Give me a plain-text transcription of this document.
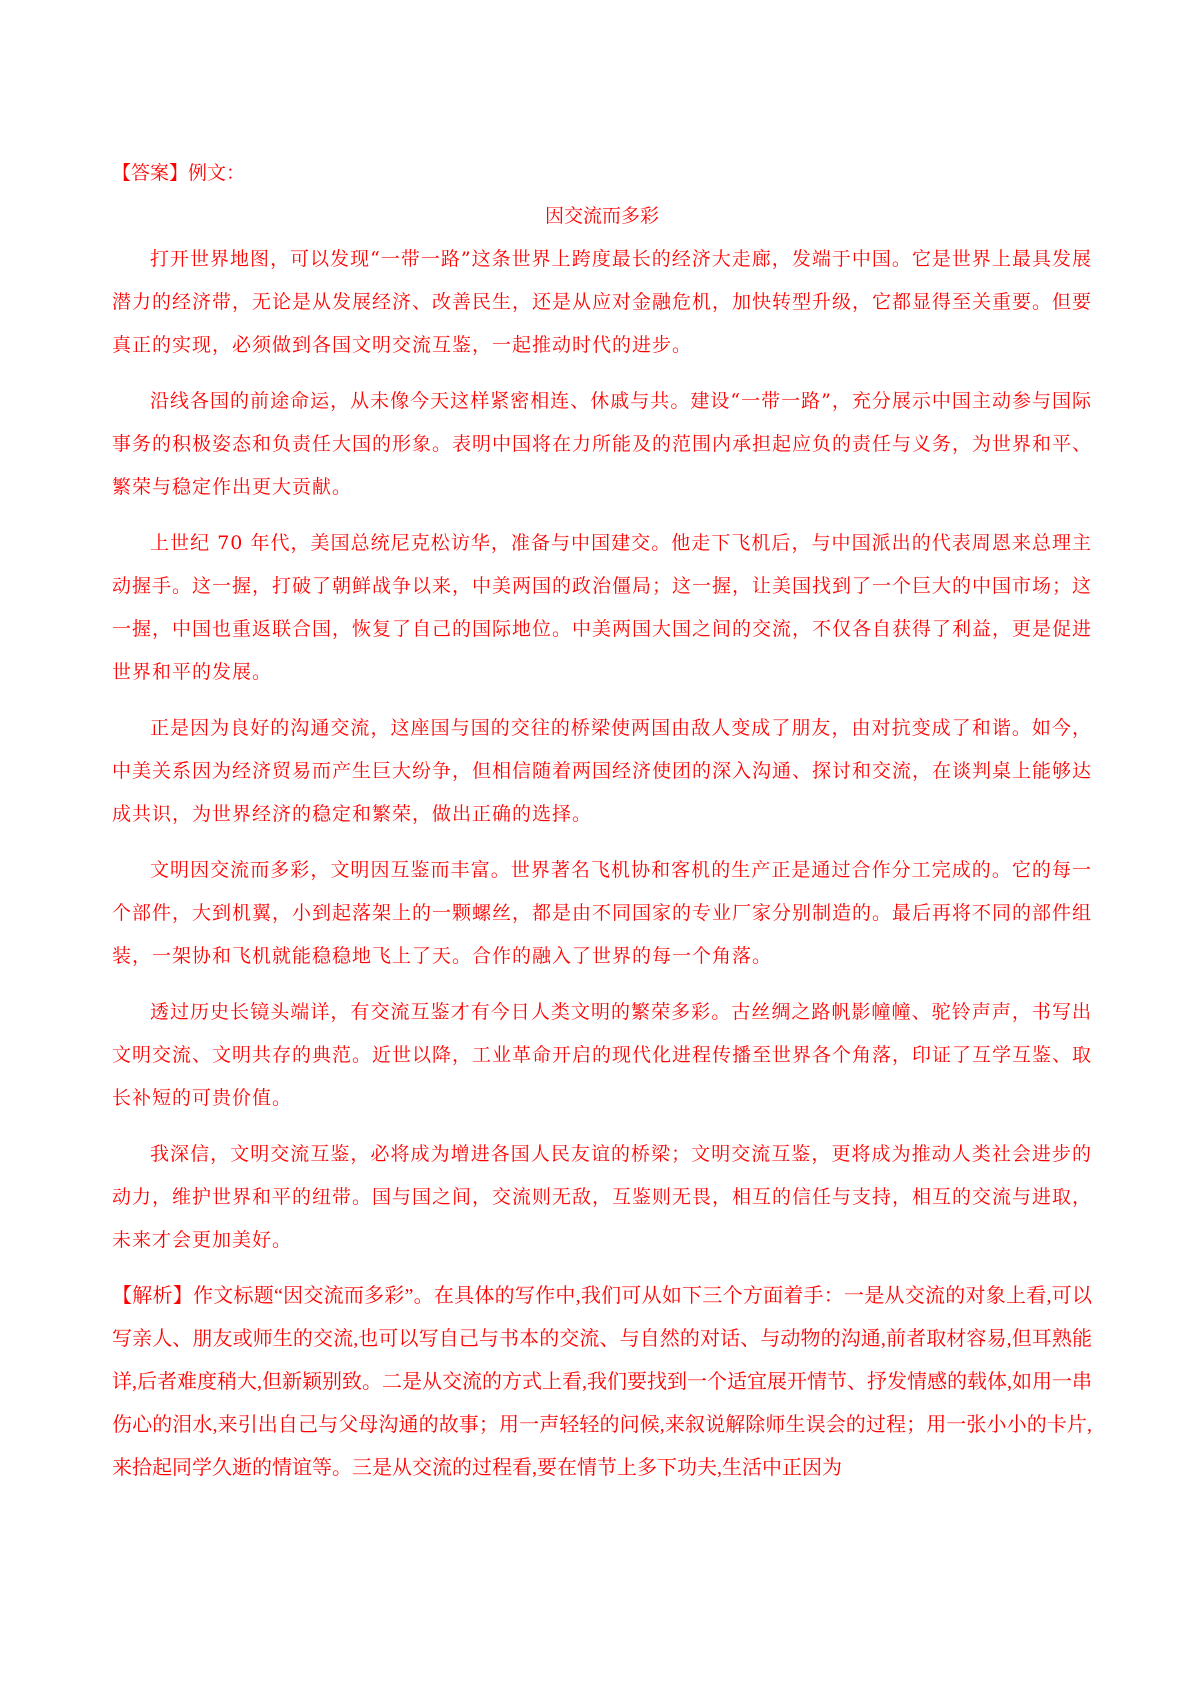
【答案】例文：

因交流而多彩

打开世界地图，可以发现“一带一路”这条世界上跨度最长的经济大走廊，发端于中国。它是世界上最具发展潜力的经济带，无论是从发展经济、改善民生，还是从应对金融危机，加快转型升级，它都显得至关重要。但要真正的实现，必须做到各国文明交流互鉴，一起推动时代的进步。

沿线各国的前途命运，从未像今天这样紧密相连、休戚与共。建设“一带一路”，充分展示中国主动参与国际事务的积极姿态和负责任大国的形象。表明中国将在力所能及的范围内承担起应负的责任与义务，为世界和平、繁荣与稳定作出更大贡献。

上世纪 70 年代，美国总统尼克松访华，准备与中国建交。他走下飞机后，与中国派出的代表周恩来总理主动握手。这一握，打破了朝鲜战争以来，中美两国的政治僵局；这一握，让美国找到了一个巨大的中国市场；这一握，中国也重返联合国，恢复了自己的国际地位。中美两国大国之间的交流，不仅各自获得了利益，更是促进世界和平的发展。

正是因为良好的沟通交流，这座国与国的交往的桥梁使两国由敌人变成了朋友，由对抗变成了和谐。如今，中美关系因为经济贸易而产生巨大纷争，但相信随着两国经济使团的深入沟通、探讨和交流，在谈判桌上能够达成共识，为世界经济的稳定和繁荣，做出正确的选择。

文明因交流而多彩，文明因互鉴而丰富。世界著名飞机协和客机的生产正是通过合作分工完成的。它的每一个部件，大到机翼，小到起落架上的一颗螺丝，都是由不同国家的专业厂家分别制造的。最后再将不同的部件组装，一架协和飞机就能稳稳地飞上了天。合作的融入了世界的每一个角落。

透过历史长镜头端详，有交流互鉴才有今日人类文明的繁荣多彩。古丝绸之路帆影幢幢、驼铃声声，书写出文明交流、文明共存的典范。近世以降，工业革命开启的现代化进程传播至世界各个角落，印证了互学互鉴、取长补短的可贵价值。

我深信，文明交流互鉴，必将成为增进各国人民友谊的桥梁；文明交流互鉴，更将成为推动人类社会进步的动力，维护世界和平的纽带。国与国之间，交流则无敌，互鉴则无畏，相互的信任与支持，相互的交流与进取，未来才会更加美好。

【解析】作文标题“因交流而多彩”。在具体的写作中,我们可从如下三个方面着手：一是从交流的对象上看,可以写亲人、朋友或师生的交流,也可以写自己与书本的交流、与自然的对话、与动物的沟通,前者取材容易,但耳熟能详,后者难度稍大,但新颖别致。二是从交流的方式上看,我们要找到一个适宜展开情节、抒发情感的载体,如用一串伤心的泪水,来引出自己与父母沟通的故事；用一声轻轻的问候,来叙说解除师生误会的过程；用一张小小的卡片,来拾起同学久逝的情谊等。三是从交流的过程看,要在情节上多下功夫,生活中正因为
